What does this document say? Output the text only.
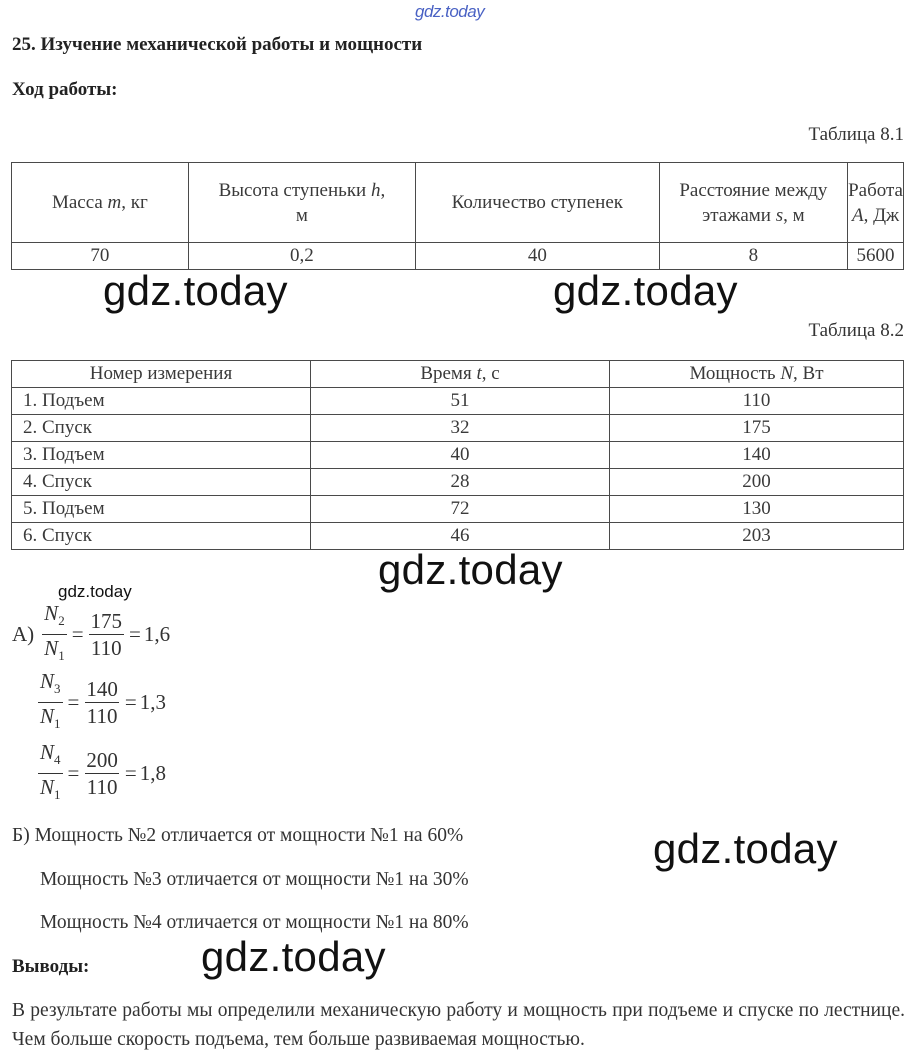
gdz.today
25. Изучение механической работы и мощности
Ход работы:
Таблица 8.1
Масса m, кг	Высота ступеньки h, м	Количество ступенек	Расстояние между этажами s, м	Работа A, Дж
70	0,2	40	8	5600
gdz.today	gdz.today
Таблица 8.2
Номер измерения	Время t, с	Мощность N, Вт
1. Подъем	51	110
2. Спуск	32	175
3. Подъем	40	140
4. Спуск	28	200
5. Подъем	72	130
6. Спуск	46	203
gdz.today
gdz.today
$А) \frac{N_2}{N_1} = \frac{175}{110} = 1,6$
$\frac{N_3}{N_1} = \frac{140}{110} = 1,3$
$\frac{N_4}{N_1} = \frac{200}{110} = 1,8$
Б) Мощность №2 отличается от мощности №1 на 60%	gdz.today
Мощность №3 отличается от мощности №1 на 30%
Мощность №4 отличается от мощности №1 на 80%
Выводы:	gdz.today
В результате работы мы определили механическую работу и мощность при подъеме и спуске по лестнице. Чем больше скорость подъема, тем больше развиваемая мощностью.
